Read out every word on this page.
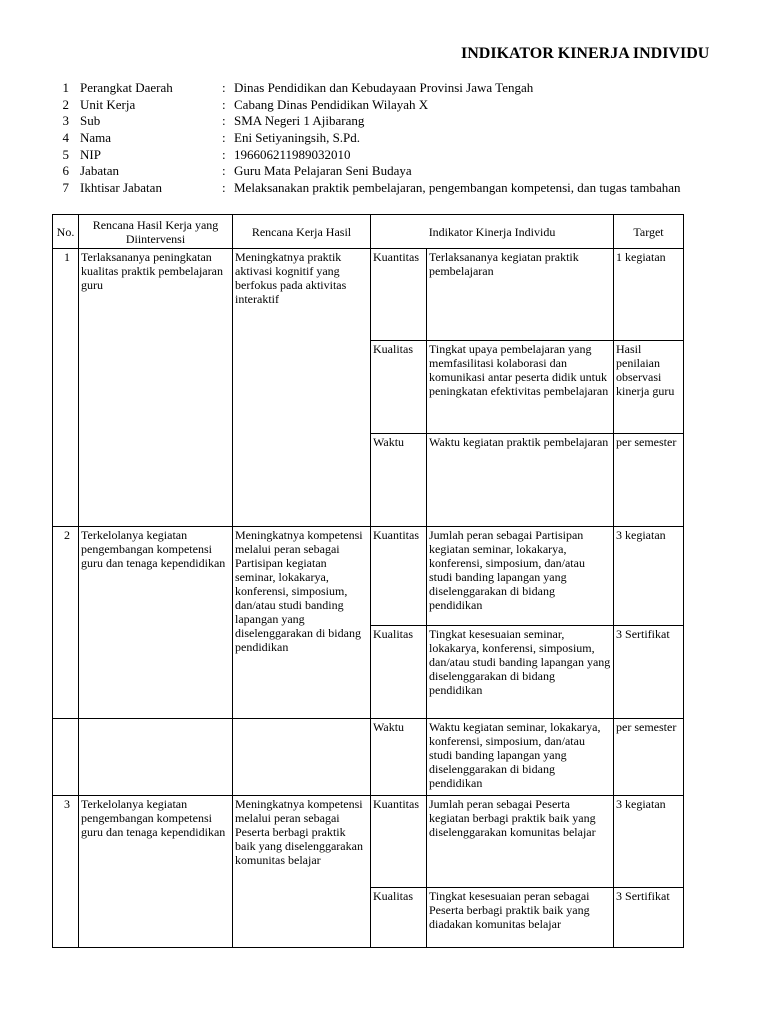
INDIKATOR KINERJA INDIVIDU
1 Perangkat Daerah	: Dinas Pendidikan dan Kebudayaan Provinsi Jawa Tengah
2 Unit Kerja	: Cabang Dinas Pendidikan Wilayah X
3 Sub	: SMA Negeri 1 Ajibarang
4 Nama	: Eni Setiyaningsih, S.Pd.
5 NIP	: 196606211989032010
6 Jabatan	: Guru Mata Pelajaran Seni Budaya
7 Ikhtisar Jabatan	: Melaksanakan praktik pembelajaran, pengembangan kompetensi, dan tugas tambahan
No.	Rencana Hasil Kerja yang Diintervensi	Rencana Kerja Hasil	Indikator Kinerja Individu		Target
1	Terlaksananya peningkatan kualitas praktik pembelajaran guru	Meningkatnya praktik aktivasi kognitif yang berfokus pada aktivitas interaktif	Kuantitas	Terlaksananya kegiatan praktik pembelajaran	1 kegiatan
			Kualitas	Tingkat upaya pembelajaran yang memfasilitasi kolaborasi dan komunikasi antar peserta didik untuk peningkatan efektivitas pembelajaran	Hasil penilaian observasi kinerja guru
			Waktu	Waktu kegiatan praktik pembelajaran	per semester
2	Terkelolanya kegiatan pengembangan kompetensi guru dan tenaga kependidikan	Meningkatnya kompetensi melalui peran sebagai Partisipan kegiatan seminar, lokakarya, konferensi, simposium, dan/atau studi banding lapangan yang diselenggarakan di bidang pendidikan	Kuantitas	Jumlah peran sebagai Partisipan kegiatan seminar, lokakarya, konferensi, simposium, dan/atau studi banding lapangan yang diselenggarakan di bidang pendidikan	3 kegiatan
			Kualitas	Tingkat kesesuaian seminar, lokakarya, konferensi, simposium, dan/atau studi banding lapangan yang diselenggarakan di bidang pendidikan	3 Sertifikat
			Waktu	Waktu kegiatan seminar, lokakarya, konferensi, simposium, dan/atau studi banding lapangan yang diselenggarakan di bidang pendidikan	per semester
3	Terkelolanya kegiatan pengembangan kompetensi guru dan tenaga kependidikan	Meningkatnya kompetensi melalui peran sebagai Peserta berbagi praktik baik yang diselenggarakan komunitas belajar	Kuantitas	Jumlah peran sebagai Peserta kegiatan berbagi praktik baik yang diselenggarakan komunitas belajar	3 kegiatan
			Kualitas	Tingkat kesesuaian peran sebagai Peserta berbagi praktik baik yang diadakan komunitas belajar	3 Sertifikat
